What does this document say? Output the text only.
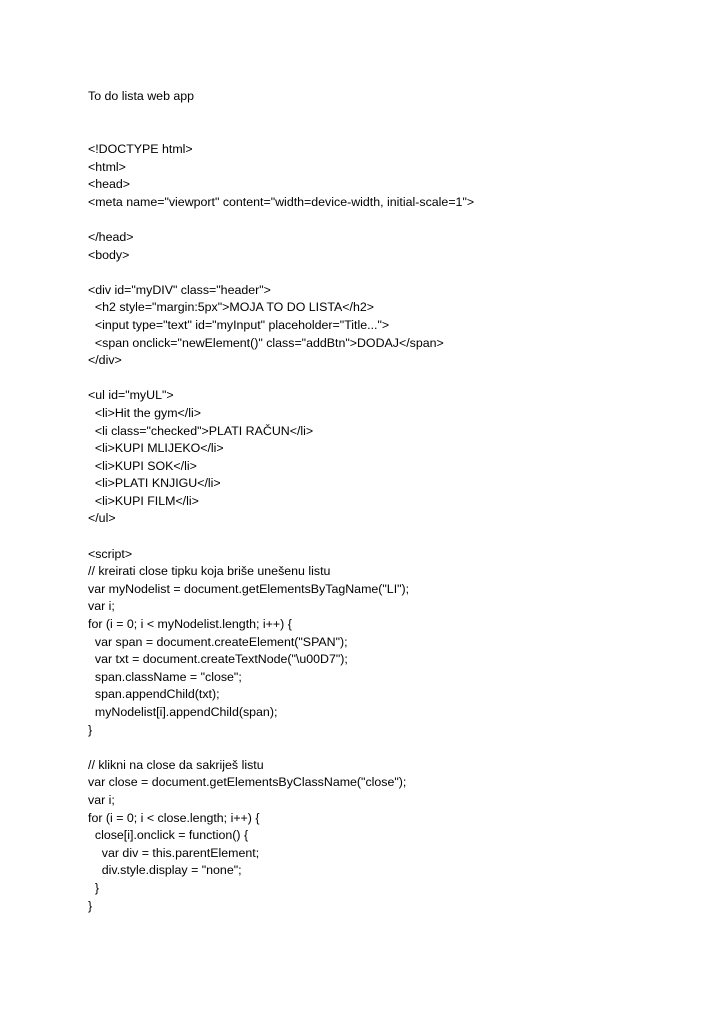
To do lista web app

<!DOCTYPE html>
<html>
<head>
<meta name="viewport" content="width=device-width, initial-scale=1">
</head>
<body>
<div id="myDIV" class="header">
<h2 style="margin:5px">MOJA TO DO LISTA</h2>
<input type="text" id="myInput" placeholder="Title...">
<span onclick="newElement()" class="addBtn">DODAJ</span>
</div>
<ul id="myUL">
<li>Hit the gym</li>
<li class="checked">PLATI RAČUN</li>
<li>KUPI MLIJEKO</li>
<li>KUPI SOK</li>
<li>PLATI KNJIGU</li>
<li>KUPI FILM</li>
</ul>
<script>
// kreirati close tipku koja briše unešenu listu
var myNodelist = document.getElementsByTagName("LI");
var i;
for (i = 0; i < myNodelist.length; i++) {
var span = document.createElement("SPAN");
var txt = document.createTextNode("\u00D7");
span.className = "close";
span.appendChild(txt);
myNodelist[i].appendChild(span);
}
// klikni na close da sakriješ listu
var close = document.getElementsByClassName("close");
var i;
for (i = 0; i < close.length; i++) {
close[i].onclick = function() {
var div = this.parentElement;
div.style.display = "none";
}
}
